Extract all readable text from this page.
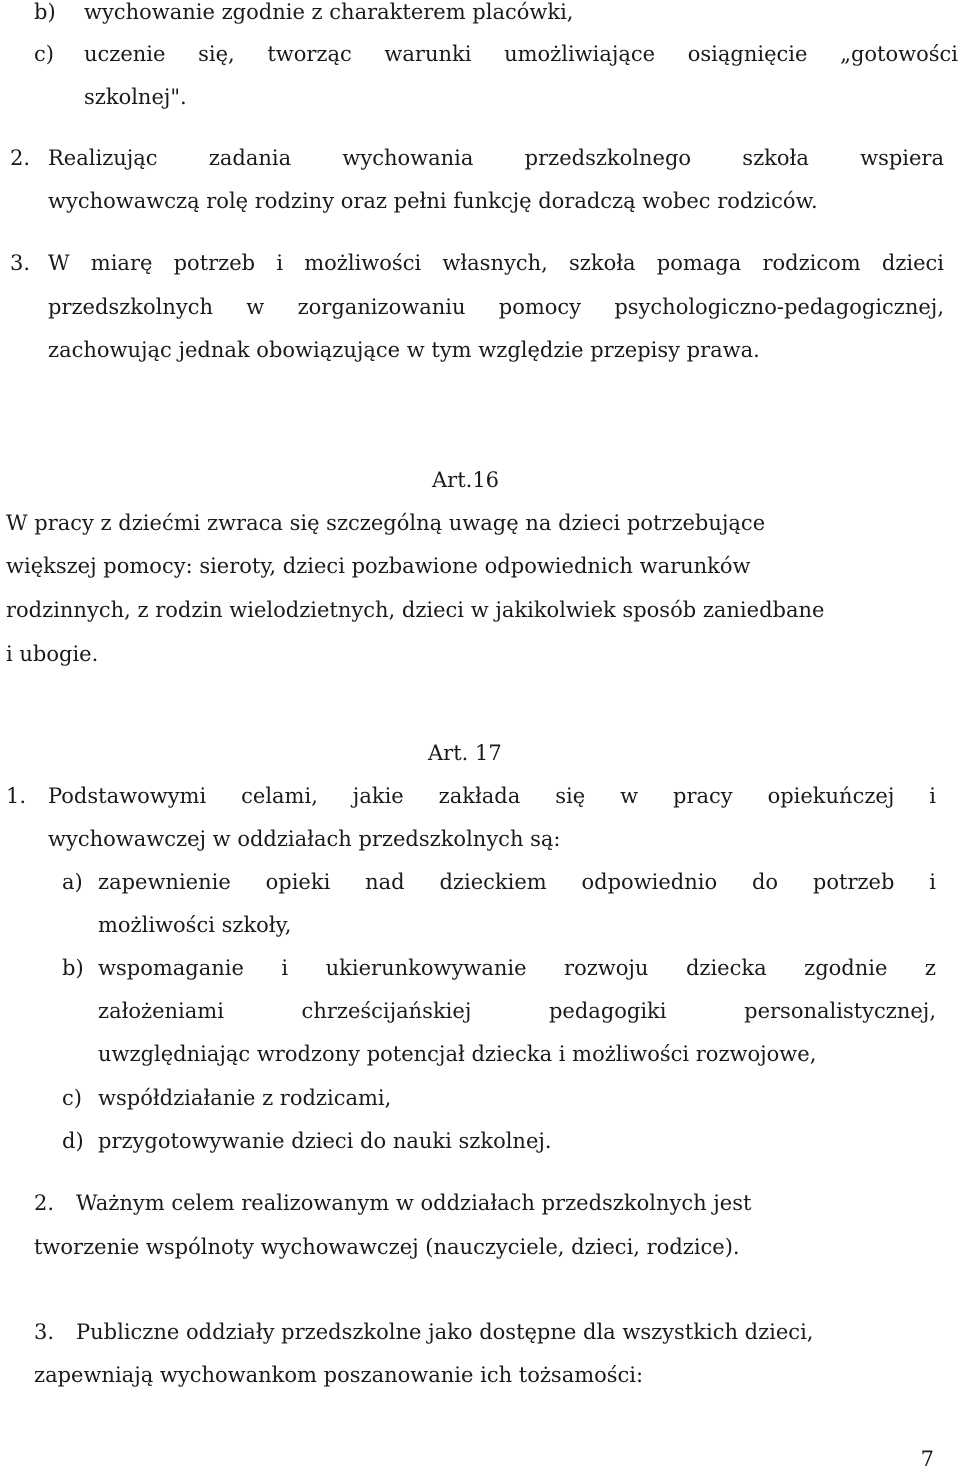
b) wychowanie zgodnie z charakterem placówki,
c) uczenie się, tworząc warunki umożliwiające osiągnięcie „gotowości
szkolnej".
2. Realizując zadania wychowania przedszkolnego szkoła wspiera
wychowawczą rolę rodziny oraz pełni funkcję doradczą wobec rodziców.
3. W miarę potrzeb i możliwości własnych, szkoła pomaga rodzicom dzieci
przedszkolnych w zorganizowaniu pomocy psychologiczno-pedagogicznej,
zachowując jednak obowiązujące w tym względzie przepisy prawa.
Art.16
W pracy z dziećmi zwraca się szczególną uwagę na dzieci potrzebujące
większej pomocy: sieroty, dzieci pozbawione odpowiednich warunków
rodzinnych, z rodzin wielodzietnych, dzieci w jakikolwiek sposób zaniedbane
i ubogie.
Art. 17
1. Podstawowymi celami, jakie zakłada się w pracy opiekuńczej i
wychowawczej w oddziałach przedszkolnych są:
a) zapewnienie opieki nad dzieckiem odpowiednio do potrzeb i
możliwości szkoły,
b) wspomaganie i ukierunkowywanie rozwoju dziecka zgodnie z
założeniami chrześcijańskiej pedagogiki personalistycznej,
uwzględniając wrodzony potencjał dziecka i możliwości rozwojowe,
c) współdziałanie z rodzicami,
d) przygotowywanie dzieci do nauki szkolnej.
2. Ważnym celem realizowanym w oddziałach przedszkolnych jest
tworzenie wspólnoty wychowawczej (nauczyciele, dzieci, rodzice).
3. Publiczne oddziały przedszkolne jako dostępne dla wszystkich dzieci,
zapewniają wychowankom poszanowanie ich tożsamości:
7
